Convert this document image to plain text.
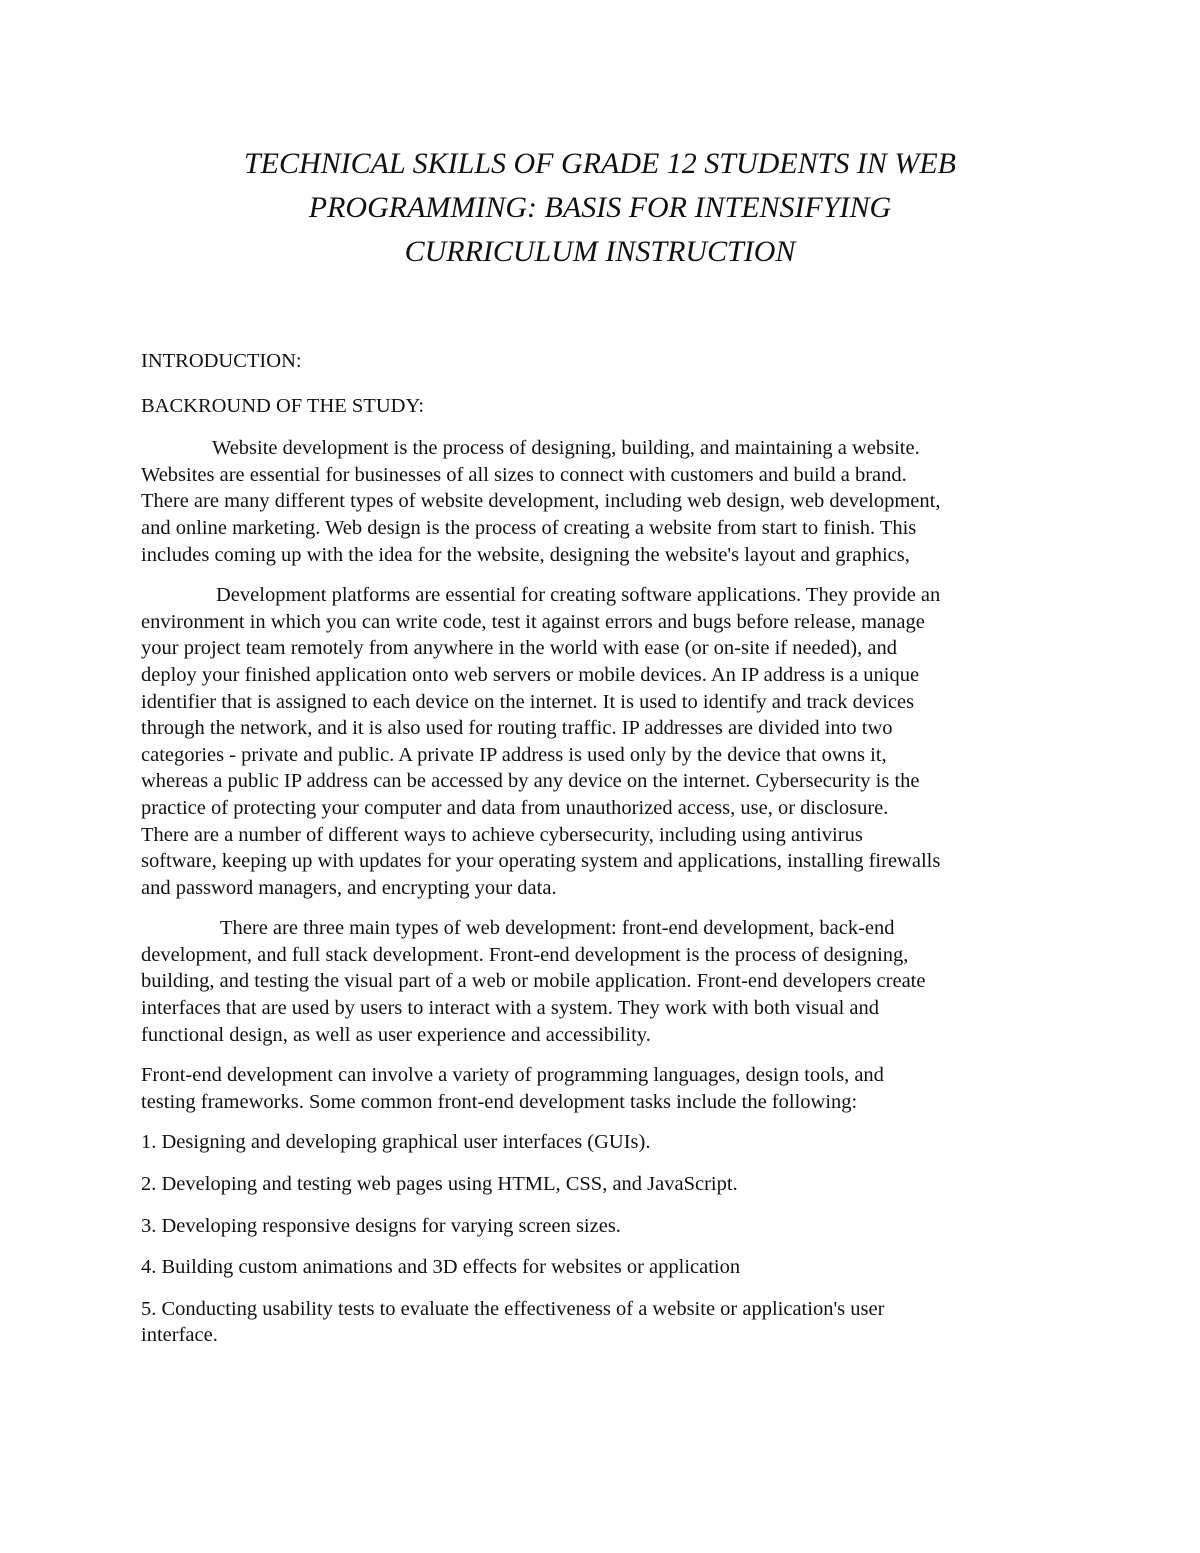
TECHNICAL SKILLS OF GRADE 12 STUDENTS IN WEB
PROGRAMMING: BASIS FOR INTENSIFYING
CURRICULUM INSTRUCTION
INTRODUCTION:
BACKROUND OF THE STUDY:
Website development is the process of designing, building, and maintaining a website.
Websites are essential for businesses of all sizes to connect with customers and build a brand.
There are many different types of website development, including web design, web development,
and online marketing. Web design is the process of creating a website from start to finish. This
includes coming up with the idea for the website, designing the website's layout and graphics,
Development platforms are essential for creating software applications. They provide an
environment in which you can write code, test it against errors and bugs before release, manage
your project team remotely from anywhere in the world with ease (or on-site if needed), and
deploy your finished application onto web servers or mobile devices. An IP address is a unique
identifier that is assigned to each device on the internet. It is used to identify and track devices
through the network, and it is also used for routing traffic. IP addresses are divided into two
categories - private and public. A private IP address is used only by the device that owns it,
whereas a public IP address can be accessed by any device on the internet. Cybersecurity is the
practice of protecting your computer and data from unauthorized access, use, or disclosure.
There are a number of different ways to achieve cybersecurity, including using antivirus
software, keeping up with updates for your operating system and applications, installing firewalls
and password managers, and encrypting your data.
There are three main types of web development: front-end development, back-end
development, and full stack development. Front-end development is the process of designing,
building, and testing the visual part of a web or mobile application. Front-end developers create
interfaces that are used by users to interact with a system. They work with both visual and
functional design, as well as user experience and accessibility.
Front-end development can involve a variety of programming languages, design tools, and
testing frameworks. Some common front-end development tasks include the following:
1. Designing and developing graphical user interfaces (GUIs).
2. Developing and testing web pages using HTML, CSS, and JavaScript.
3. Developing responsive designs for varying screen sizes.
4. Building custom animations and 3D effects for websites or application
5. Conducting usability tests to evaluate the effectiveness of a website or application's user
interface.
